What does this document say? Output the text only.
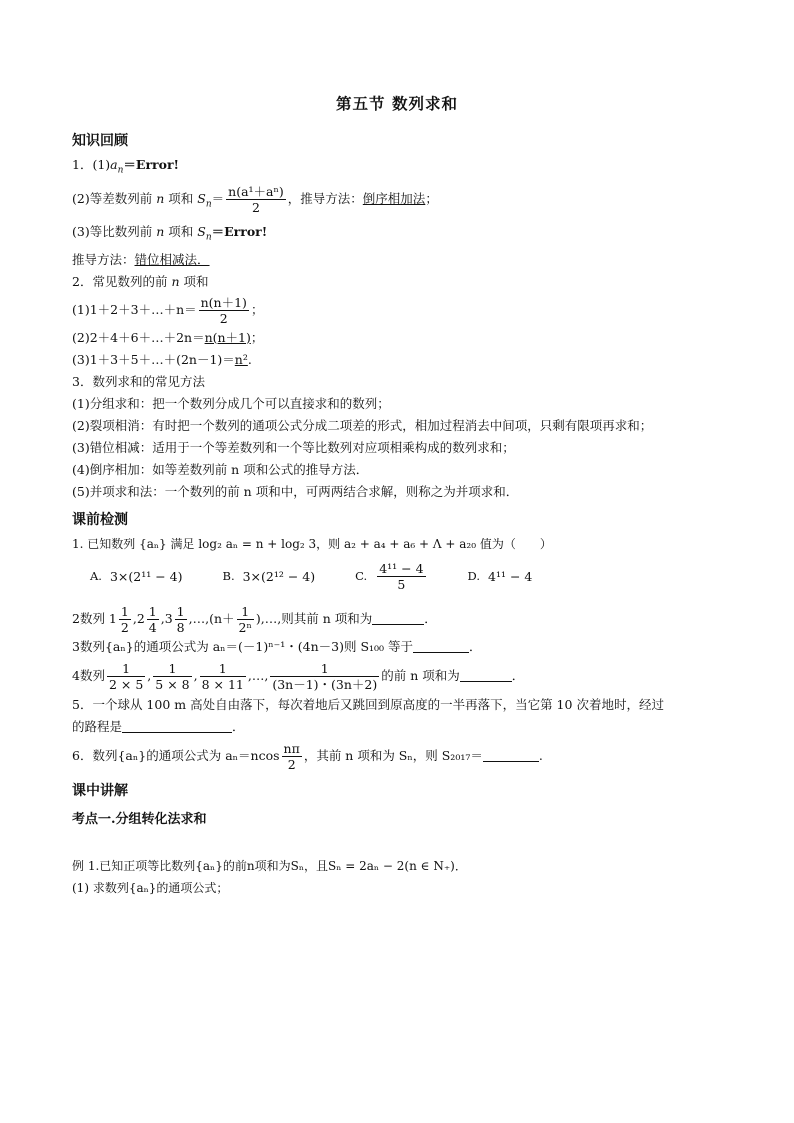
第五节 数列求和
知识回顾

1．$(1)a_n=Error$!

(2)等差数列前 n 项和 $S_n= \frac{\text{n(a¹＋aⁿ)}}{2}$ ，推导方法：倒序相加法；

(3)等比数列前 n 项和 $S_n=Error$!

推导方法：错位相减法．

2．常见数列的前 n 项和

(1)1＋2＋3＋…＋n＝ $\frac{n(n+1)}{2}$ ；

(2)2＋4＋6＋…＋2n＝n(n＋1)；

(3)1＋3＋5＋…＋(2n－1)＝n².

3．数列求和的常见方法

(1)分组求和：把一个数列分成几个可以直接求和的数列；

(2)裂项相消：有时把一个数列的通项公式分成二项差的形式，相加过程消去中间项，只剩有限项再求和；

(3)错位相减：适用于一个等差数列和一个等比数列对应项相乘构成的数列求和；

(4)倒序相加：如等差数列前 n 项和公式的推导方法．

(5)并项求和法：一个数列的前 n 项和中，可两两结合求解，则称之为并项求和．

课前检测

1. 已知数列 {aₙ} 满足 log₂ aₙ = n + log₂ 3，则 a₂ + a₄ + a₆ + Λ + a₂₀ 值为（　　）

A. 3×(2¹¹ − 4)	B. 3×(2¹² − 4)	C. $\frac{\text{4¹¹ − 4}}{5}$	D. 4¹¹ − 4

2数列 $1 \frac{1}{2} ,2 \frac{1}{4} ,3 \frac{1}{8}$ ,…,(n＋ $\frac{1}{\text{2ⁿ}}$ ),…,则其前 n 项和为	．

3数列{aₙ}的通项公式为 aₙ＝(－1)ⁿ⁻¹・(4n－3)则 S₁₀₀ 等于	．

4数列 $\frac{1}{2 \times 5}$ , $\frac{1}{5 \times 8}$ , $\frac{1}{8 \times 11}$ ,…, $\frac{1}{(3n-1)・(3n+2)}$ 的前 n 项和为	．

5．一个球从 100 m 高处自由落下，每次着地后又跳回到原高度的一半再落下，当它第 10 次着地时，经过

的路程是	．

6．数列{aₙ}的通项公式为 $a_n=ncos \frac{n\pi}{2}$ ，其前 n 项和为 Sₙ，则 S₂₀₁₇＝	.

课中讲解
考点一.分组转化法求和

例 1.已知正项等比数列{aₙ}的前n项和为Sₙ，且Sₙ = 2aₙ − 2(n ∈ N₊)．

(1) 求数列{aₙ}的通项公式；
